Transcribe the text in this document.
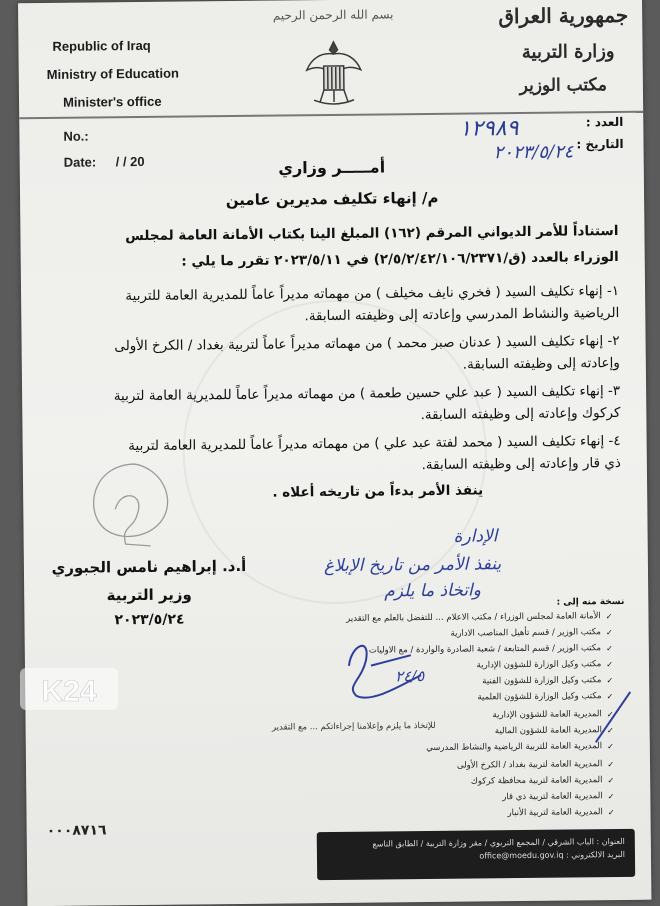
بسم الله الرحمن الرحيم
Republic of Iraq
Ministry of Education
Minister's office
جمهورية العراق
وزارة التربية
مكتب الوزير
No.:
Date: / / 20
العدد :
التاريخ :
١٢٩٨٩
٢٠٢٣/٥/٢٤
أمـــــر وزاري
م/ إنهاء تكليف مديرين عامين
استناداً للأمر الديواني المرقم (١٦٢) المبلغ الينا بكتاب الأمانة العامة لمجلس
الوزراء بالعدد (ق/٢/٥/٢/٤٢/١٠٦/٢٣٧١) في ٢٠٢٣/٥/١١ تقرر ما يلي :
١- إنهاء تكليف السيد ( فخري نايف مخيلف ) من مهماته مديراً عاماً للمديرية العامة للتربية
الرياضية والنشاط المدرسي وإعادته إلى وظيفته السابقة.
٢- إنهاء تكليف السيد ( عدنان صبر محمد ) من مهماته مديراً عاماً لتربية بغداد / الكرخ الأولى
وإعادته إلى وظيفته السابقة.
٣- إنهاء تكليف السيد ( عبد علي حسين طعمة ) من مهماته مديراً عاماً للمديرية العامة لتربية
كركوك وإعادته إلى وظيفته السابقة.
٤- إنهاء تكليف السيد ( محمد لفتة عبد علي ) من مهماته مديراً عاماً للمديرية العامة لتربية
ذي قار وإعادته إلى وظيفته السابقة.
ينفذ الأمر بدءاً من تاريخه أعلاه .
أ.د. إبراهيم نامس الجبوري
وزير التربية
٢٠٢٣/٥/٢٤
الإدارة
ينفذ الأمر من تاريخ الإبلاغ
واتخاذ ما يلزم
٢٤/٥
نسخة منه إلى :
✓
الأمانة العامة لمجلس الوزراء / مكتب الاعلام ... للتفضل بالعلم مع التقدير
✓
مكتب الوزير / قسم تأهيل المناصب الادارية
✓
مكتب الوزير / قسم المتابعة / شعبة الصادرة والواردة / مع الاوليات
✓
مكتب وكيل الوزارة للشؤون الإدارية
✓
مكتب وكيل الوزارة للشؤون الفنية
✓
مكتب وكيل الوزارة للشؤون العلمية
✓
المديرية العامة للشؤون الإدارية
✓
المديرية العامة للشؤون المالية
✓
المديرية العامة للتربية الرياضية والنشاط المدرسي
✓
المديرية العامة لتربية بغداد / الكرخ الأولى
✓
المديرية العامة لتربية محافظة كركوك
✓
المديرية العامة لتربية ذي قار
✓
المديرية العامة لتربية الأنبار
للإتخاذ ما يلزم وإعلامنا إجراءاتكم ... مع التقدير
٠٠٠٨٧١٦
العنوان : الباب الشرقي / المجمع التربوي / مقر وزارة التربية / الطابق التاسع
البريد الالكتروني : office@moedu.gov.iq
K24
